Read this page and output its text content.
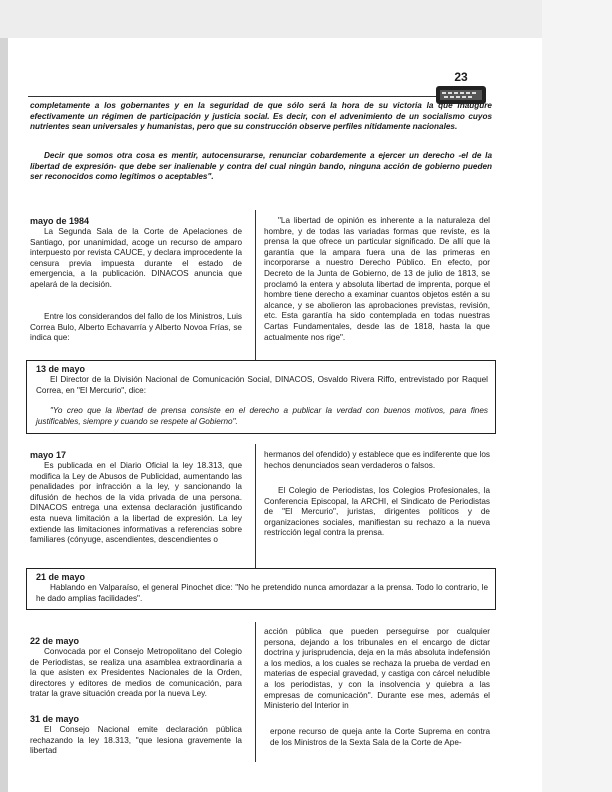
23

completamente a los gobernantes y en la seguridad de que sólo será la hora de su victoria la que inaugure efectivamente un régimen de participación y justicia social. Es decir, con el advenimiento de un socialismo cuyos nutrientes sean universales y humanistas, pero que su construcción observe perfiles nítidamente nacionales.

Decir que somos otra cosa es mentir, autocensurarse, renunciar cobardemente a ejercer un derecho -el de la libertad de expresión- que debe ser inalienable y contra del cual ningún bando, ninguna acción de gobierno pueden ser reconocidos como legítimos o aceptables".

mayo de 1984

La Segunda Sala de la Corte de Apelaciones de Santiago, por unanimidad, acoge un recurso de amparo interpuesto por revista CAUCE, y declara improcedente la censura previa impuesta durante el estado de emergencia, a la publicación. DINACOS anuncia que apelará de la decisión.

Entre los considerandos del fallo de los Ministros, Luis Correa Bulo, Alberto Echavarría y Alberto Novoa Frías, se indica que:

"La libertad de opinión es inherente a la naturaleza del hombre, y de todas las variadas formas que reviste, es la prensa la que ofrece un particular significado. De allí que la garantía que la ampara fuera una de las primeras en incorporarse a nuestro Derecho Público. En efecto, por Decreto de la Junta de Gobierno, de 13 de julio de 1813, se proclamó la entera y absoluta libertad de imprenta, porque el hombre tiene derecho a examinar cuantos objetos estén a su alcance, y se abolieron las aprobaciones previstas, revisión, etc. Esta garantía ha sido contemplada en todas nuestras Cartas Fundamentales, desde las de 1818, hasta la que actualmente nos rige".

13 de mayo

El Director de la División Nacional de Comunicación Social, DINACOS, Osvaldo Rivera Riffo, entrevistado por Raquel Correa, en "El Mercurio", dice:

"Yo creo que la libertad de prensa consiste en el derecho a publicar la verdad con buenos motivos, para fines justificables, siempre y cuando se respete al Gobierno".

mayo 17

Es publicada en el Diario Oficial la ley 18.313, que modifica la Ley de Abusos de Publicidad, aumentando las penalidades por infracción a la ley, y sancionando la difusión de hechos de la vida privada de una persona. DINACOS entrega una extensa declaración justificando esta nueva limitación a la libertad de expresión. La ley extiende las limitaciones informativas a referencias sobre familiares (cónyuge, ascendientes, descendientes o

hermanos del ofendido) y establece que es indiferente que los hechos denunciados sean verdaderos o falsos.

El Colegio de Periodistas, los Colegios Profesionales, la Conferencia Episcopal, la ARCHI, el Sindicato de Periodistas de "El Mercurio", juristas, dirigentes políticos y de organizaciones sociales, manifiestan su rechazo a la nueva restricción legal contra la prensa.

21 de mayo

Hablando en Valparaíso, el general Pinochet dice: "No he pretendido nunca amordazar a la prensa. Todo lo contrario, le he dado amplias facilidades".

22 de mayo

Convocada por el Consejo Metropolitano del Colegio de Periodistas, se realiza una asamblea extraordinaria a la que asisten ex Presidentes Nacionales de la Orden, directores y editores de medios de comunicación, para tratar la grave situación creada por la nueva Ley.

31 de mayo

El Consejo Nacional emite declaración pública rechazando la ley 18.313, "que lesiona gravemente la libertad

acción pública que pueden perseguirse por cualquier persona, dejando a los tribunales en el encargo de dictar doctrina y jurisprudencia, deja en la más absoluta indefensión a los medios, a los cuales se rechaza la prueba de verdad en materias de especial gravedad, y castiga con cárcel neludible a los periodistas, y con la insolvencia y quiebra a las empresas de comunicación". Durante ese mes, además el Ministerio del Interior in

erpone recurso de queja ante la Corte Suprema en contra de los Ministros de la Sexta Sala de la Corte de Ape-
